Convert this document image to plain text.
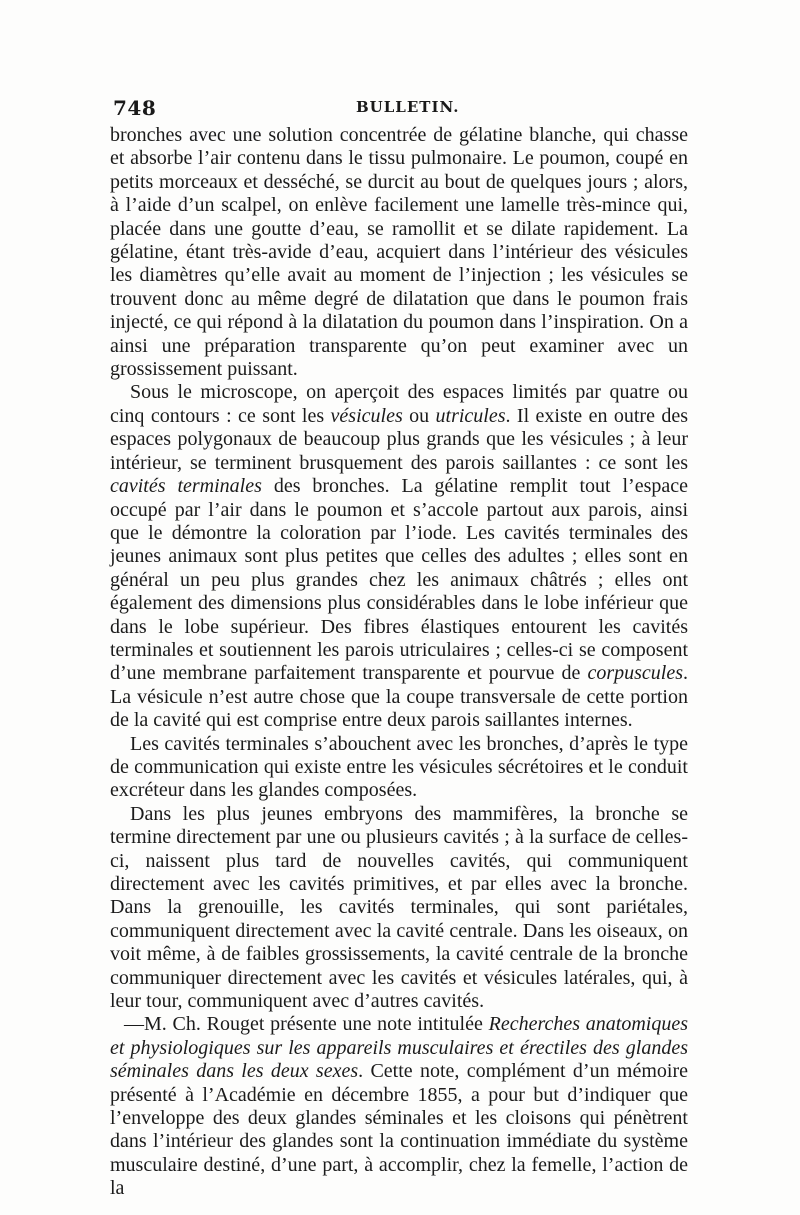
748	BULLETIN.

bronches avec une solution concentrée de gélatine blanche, qui chasse et absorbe l’air contenu dans le tissu pulmonaire. Le poumon, coupé en petits morceaux et desséché, se durcit au bout de quelques jours ; alors, à l’aide d’un scalpel, on enlève facilement une lamelle très-mince qui, placée dans une goutte d’eau, se ramollit et se dilate rapidement. La gélatine, étant très-avide d’eau, acquiert dans l’intérieur des vésicules les diamètres qu’elle avait au moment de l’injection ; les vésicules se trouvent donc au même degré de dilatation que dans le poumon frais injecté, ce qui répond à la dilatation du poumon dans l’inspiration. On a ainsi une préparation transparente qu’on peut examiner avec un grossissement puissant.

Sous le microscope, on aperçoit des espaces limités par quatre ou cinq contours : ce sont les vésicules ou utricules. Il existe en outre des espaces polygonaux de beaucoup plus grands que les vésicules ; à leur intérieur, se terminent brusquement des parois saillantes : ce sont les cavités terminales des bronches. La gélatine remplit tout l’espace occupé par l’air dans le poumon et s’accole partout aux parois, ainsi que le démontre la coloration par l’iode. Les cavités terminales des jeunes animaux sont plus petites que celles des adultes ; elles sont en général un peu plus grandes chez les animaux châtrés ; elles ont également des dimensions plus considérables dans le lobe inférieur que dans le lobe supérieur. Des fibres élastiques entourent les cavités terminales et soutiennent les parois utriculaires ; celles-ci se composent d’une membrane parfaitement transparente et pourvue de corpuscules. La vésicule n’est autre chose que la coupe transversale de cette portion de la cavité qui est comprise entre deux parois saillantes internes.

Les cavités terminales s’abouchent avec les bronches, d’après le type de communication qui existe entre les vésicules sécrétoires et le conduit excréteur dans les glandes composées.

Dans les plus jeunes embryons des mammifères, la bronche se termine directement par une ou plusieurs cavités ; à la surface de celles-ci, naissent plus tard de nouvelles cavités, qui communiquent directement avec les cavités primitives, et par elles avec la bronche. Dans la grenouille, les cavités terminales, qui sont pariétales, communiquent directement avec la cavité centrale. Dans les oiseaux, on voit même, à de faibles grossissements, la cavité centrale de la bronche communiquer directement avec les cavités et vésicules latérales, qui, à leur tour, communiquent avec d’autres cavités.

—M. Ch. Rouget présente une note intitulée Recherches anatomiques et physiologiques sur les appareils musculaires et érectiles des glandes séminales dans les deux sexes. Cette note, complément d’un mémoire présenté à l’Académie en décembre 1855, a pour but d’indiquer que l’enveloppe des deux glandes séminales et les cloisons qui pénètrent dans l’intérieur des glandes sont la continuation immédiate du système musculaire destiné, d’une part, à accomplir, chez la femelle, l’action de la
